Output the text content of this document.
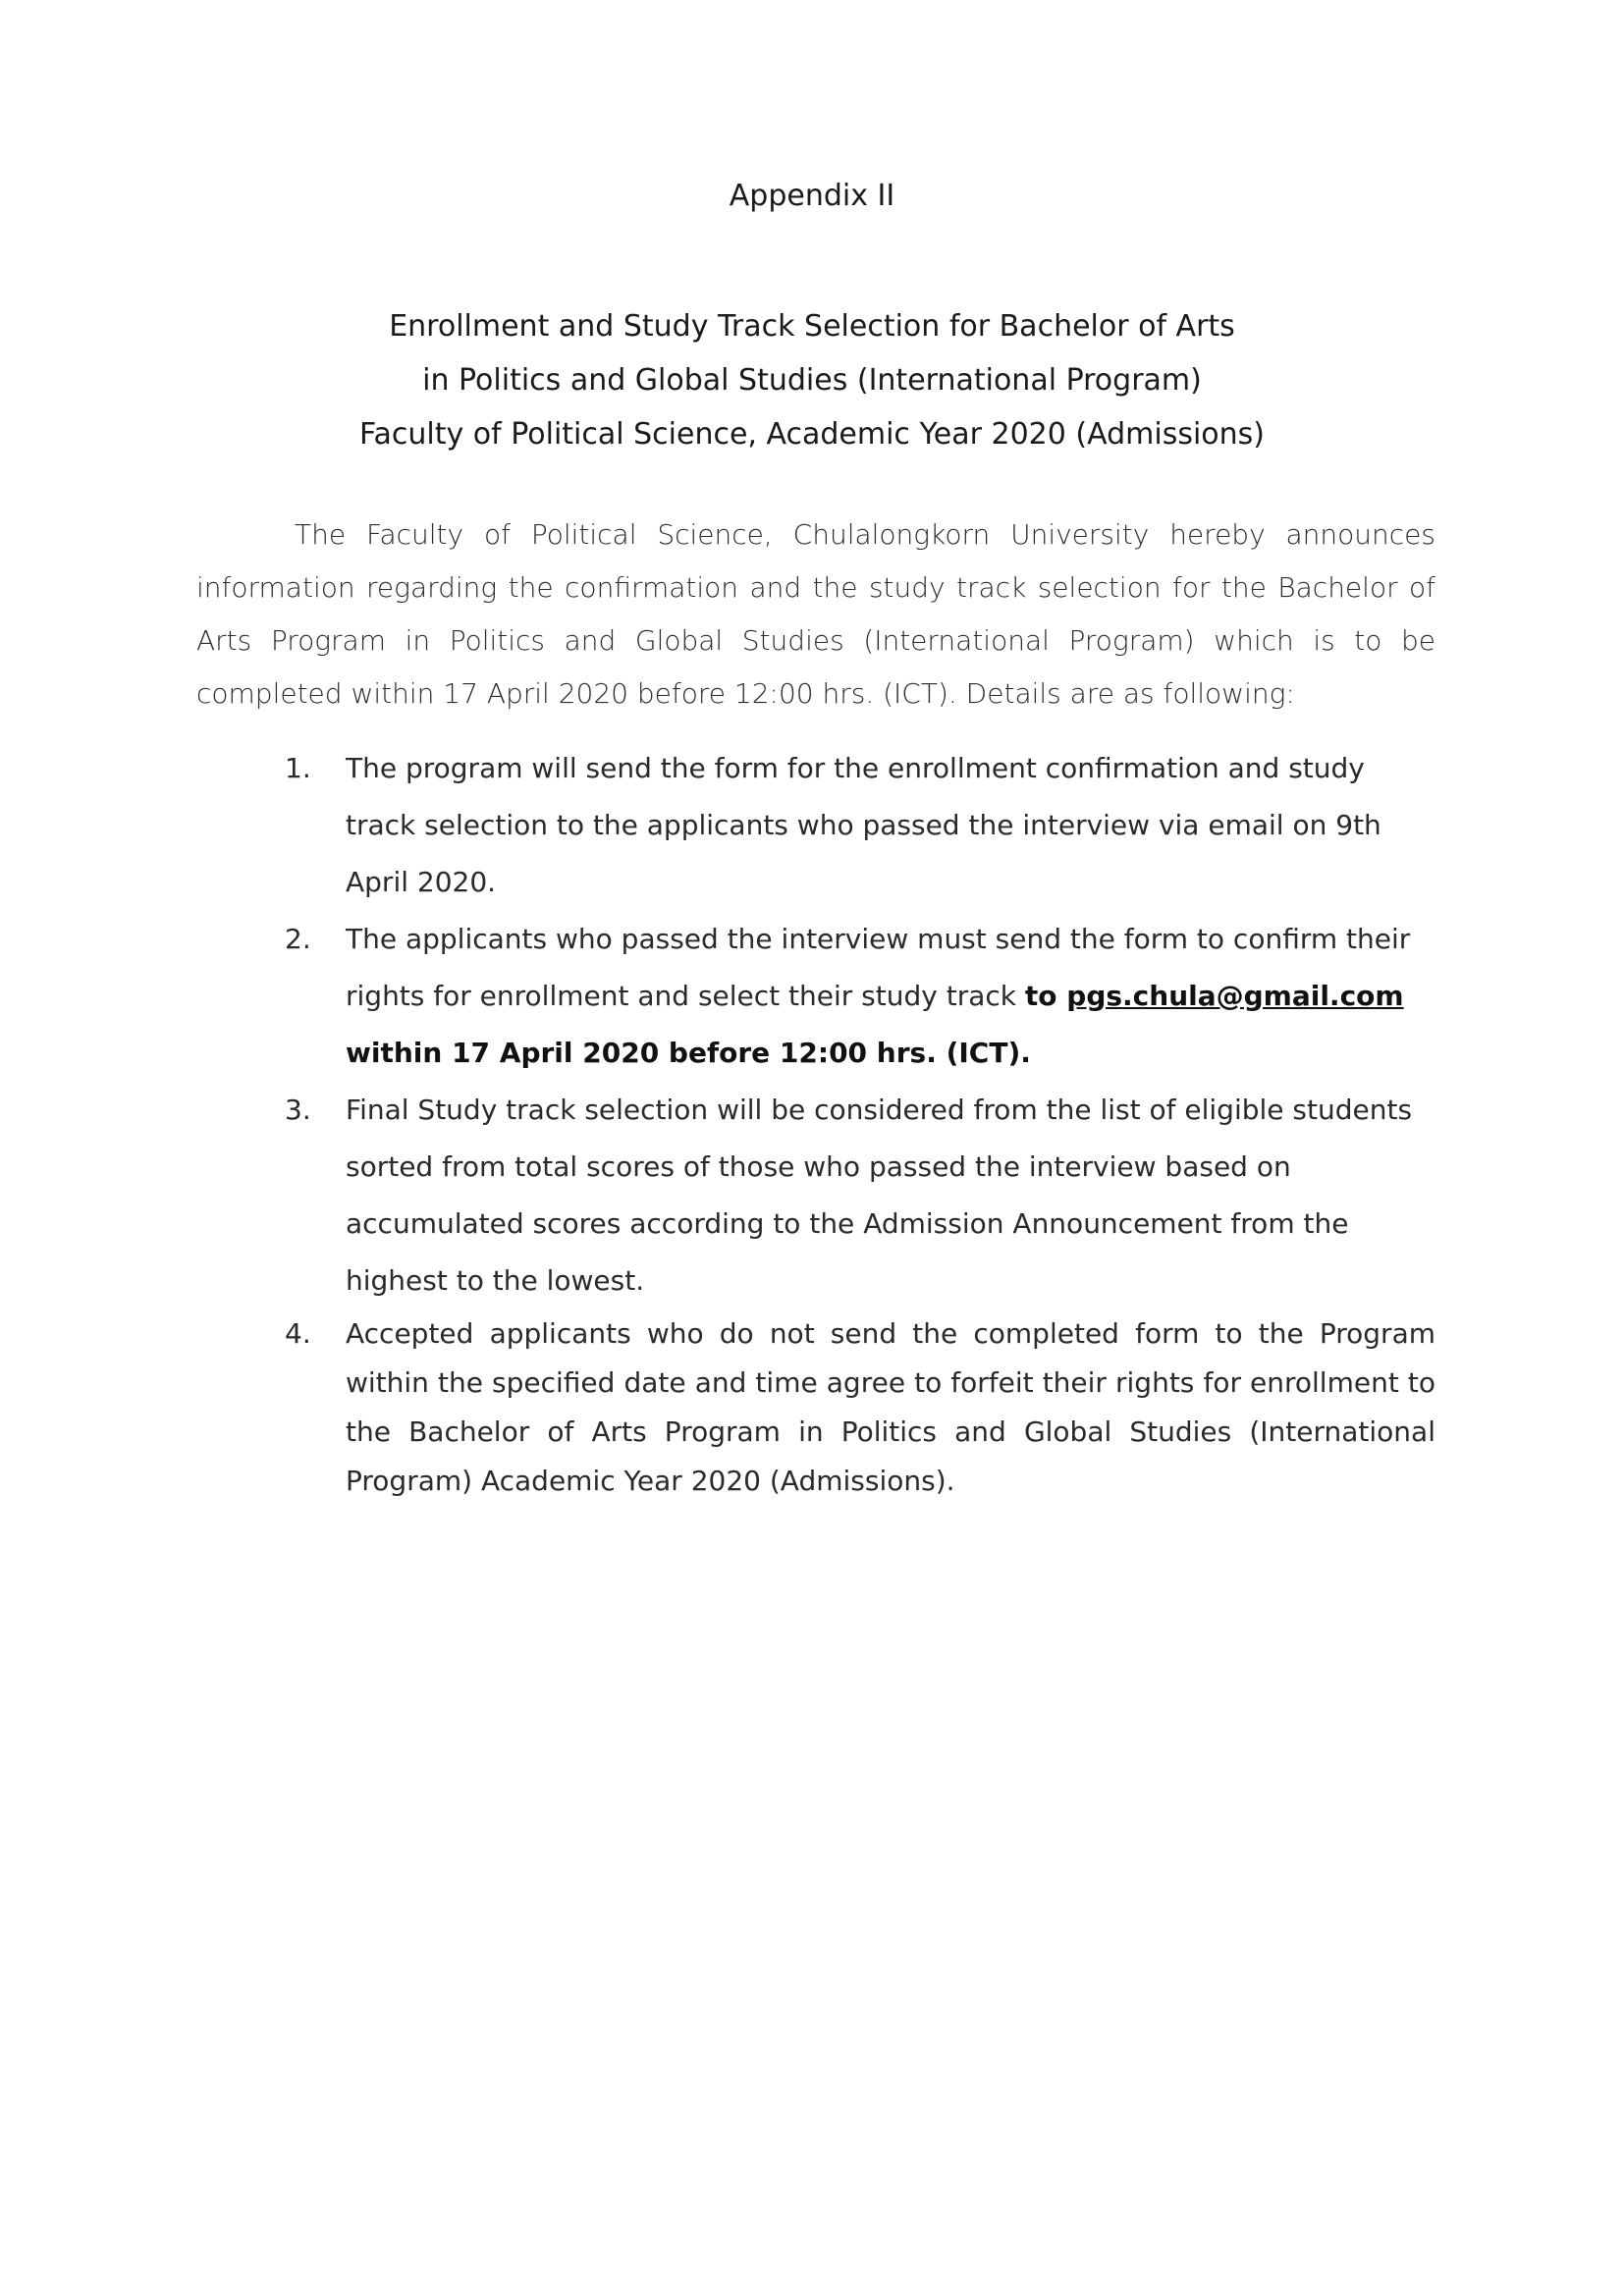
Appendix II
Enrollment and Study Track Selection for Bachelor of Arts
in Politics and Global Studies (International Program)
Faculty of Political Science, Academic Year 2020 (Admissions)

The Faculty of Political Science, Chulalongkorn University hereby announces information regarding the confirmation and the study track selection for the Bachelor of Arts Program in Politics and Global Studies (International Program) which is to be completed within 17 April 2020 before 12:00 hrs. (ICT). Details are as following:

1. The program will send the form for the enrollment confirmation and study track selection to the applicants who passed the interview via email on 9th April 2020.
2. The applicants who passed the interview must send the form to confirm their rights for enrollment and select their study track to pgs.chula@gmail.com within 17 April 2020 before 12:00 hrs. (ICT).
3. Final Study track selection will be considered from the list of eligible students sorted from total scores of those who passed the interview based on accumulated scores according to the Admission Announcement from the highest to the lowest.
4. Accepted applicants who do not send the completed form to the Program within the specified date and time agree to forfeit their rights for enrollment to the Bachelor of Arts Program in Politics and Global Studies (International Program) Academic Year 2020 (Admissions).
